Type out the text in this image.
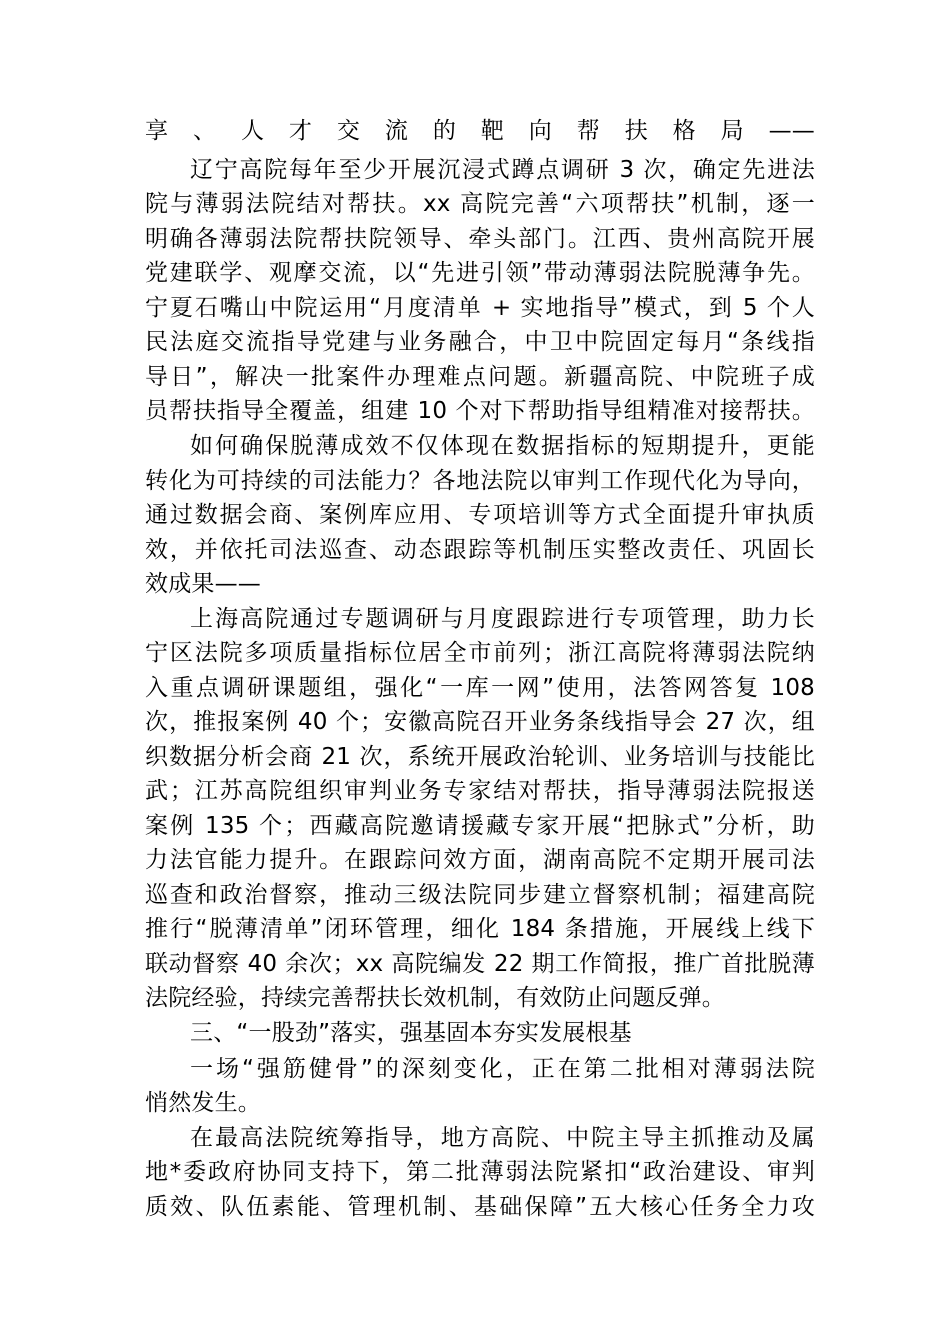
享、人才交流的靶向帮扶格局——
辽宁高院每年至少开展沉浸式蹲点调研 3 次，确定先进法
院与薄弱法院结对帮扶。xx 高院完善“六项帮扶”机制，逐一
明确各薄弱法院帮扶院领导、牵头部门。江西、贵州高院开展
党建联学、观摩交流，以“先进引领”带动薄弱法院脱薄争先。
宁夏石嘴山中院运用“月度清单 + 实地指导”模式，到 5 个人
民法庭交流指导党建与业务融合，中卫中院固定每月“条线指
导日”，解决一批案件办理难点问题。新疆高院、中院班子成
员帮扶指导全覆盖，组建 10 个对下帮助指导组精准对接帮扶。
如何确保脱薄成效不仅体现在数据指标的短期提升，更能
转化为可持续的司法能力？各地法院以审判工作现代化为导向，
通过数据会商、案例库应用、专项培训等方式全面提升审执质
效，并依托司法巡查、动态跟踪等机制压实整改责任、巩固长
效成果——
上海高院通过专题调研与月度跟踪进行专项管理，助力长
宁区法院多项质量指标位居全市前列；浙江高院将薄弱法院纳
入重点调研课题组，强化“一库一网”使用，法答网答复 108
次，推报案例 40 个；安徽高院召开业务条线指导会 27 次，组
织数据分析会商 21 次，系统开展政治轮训、业务培训与技能比
武；江苏高院组织审判业务专家结对帮扶，指导薄弱法院报送
案例 135 个；西藏高院邀请援藏专家开展“把脉式”分析，助
力法官能力提升。在跟踪问效方面，湖南高院不定期开展司法
巡查和政治督察，推动三级法院同步建立督察机制；福建高院
推行“脱薄清单”闭环管理，细化 184 条措施，开展线上线下
联动督察 40 余次；xx 高院编发 22 期工作简报，推广首批脱薄
法院经验，持续完善帮扶长效机制，有效防止问题反弹。
三、“一股劲”落实，强基固本夯实发展根基
一场“强筋健骨”的深刻变化，正在第二批相对薄弱法院
悄然发生。
在最高法院统筹指导，地方高院、中院主导主抓推动及属
地*委政府协同支持下，第二批薄弱法院紧扣“政治建设、审判
质效、队伍素能、管理机制、基础保障”五大核心任务全力攻
